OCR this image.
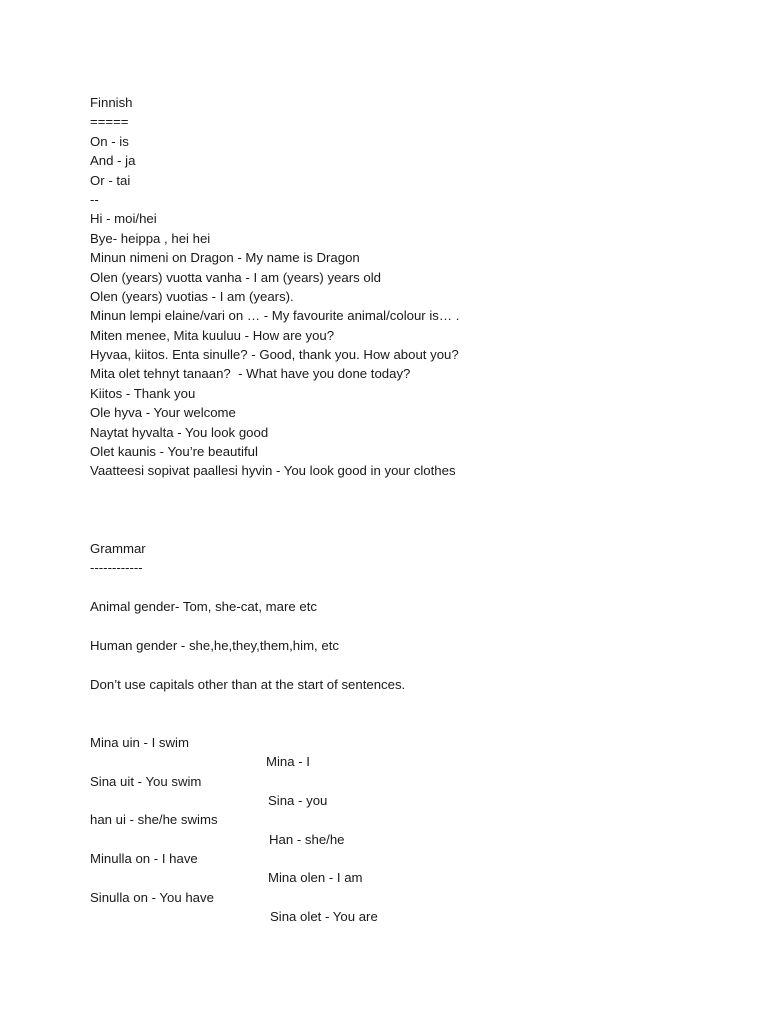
Finnish
=====
On - is
And - ja
Or - tai
--
Hi - moi/hei
Bye- heippa , hei hei
Minun nimeni on Dragon - My name is Dragon
Olen (years) vuotta vanha - I am (years) years old
Olen (years) vuotias - I am (years).
Minun lempi elaine/vari on … - My favourite animal/colour is… .
Miten menee, Mita kuuluu - How are you?
Hyvaa, kiitos. Enta sinulle? - Good, thank you. How about you?
Mita olet tehnyt tanaan?  - What have you done today?
Kiitos - Thank you
Ole hyva - Your welcome
Naytat hyvalta - You look good
Olet kaunis - You’re beautiful
Vaatteesi sopivat paallesi hyvin - You look good in your clothes
Grammar
------------
Animal gender- Tom, she-cat, mare etc
Human gender - she,he,they,them,him, etc
Don’t use capitals other than at the start of sentences.

Mina uin - I swim

Mina - I

Sina uit - You swim

Sina - you

han ui - she/he swims

Han - she/he

Minulla on - I have

Mina olen - I am

Sinulla on - You have

Sina olet - You are
